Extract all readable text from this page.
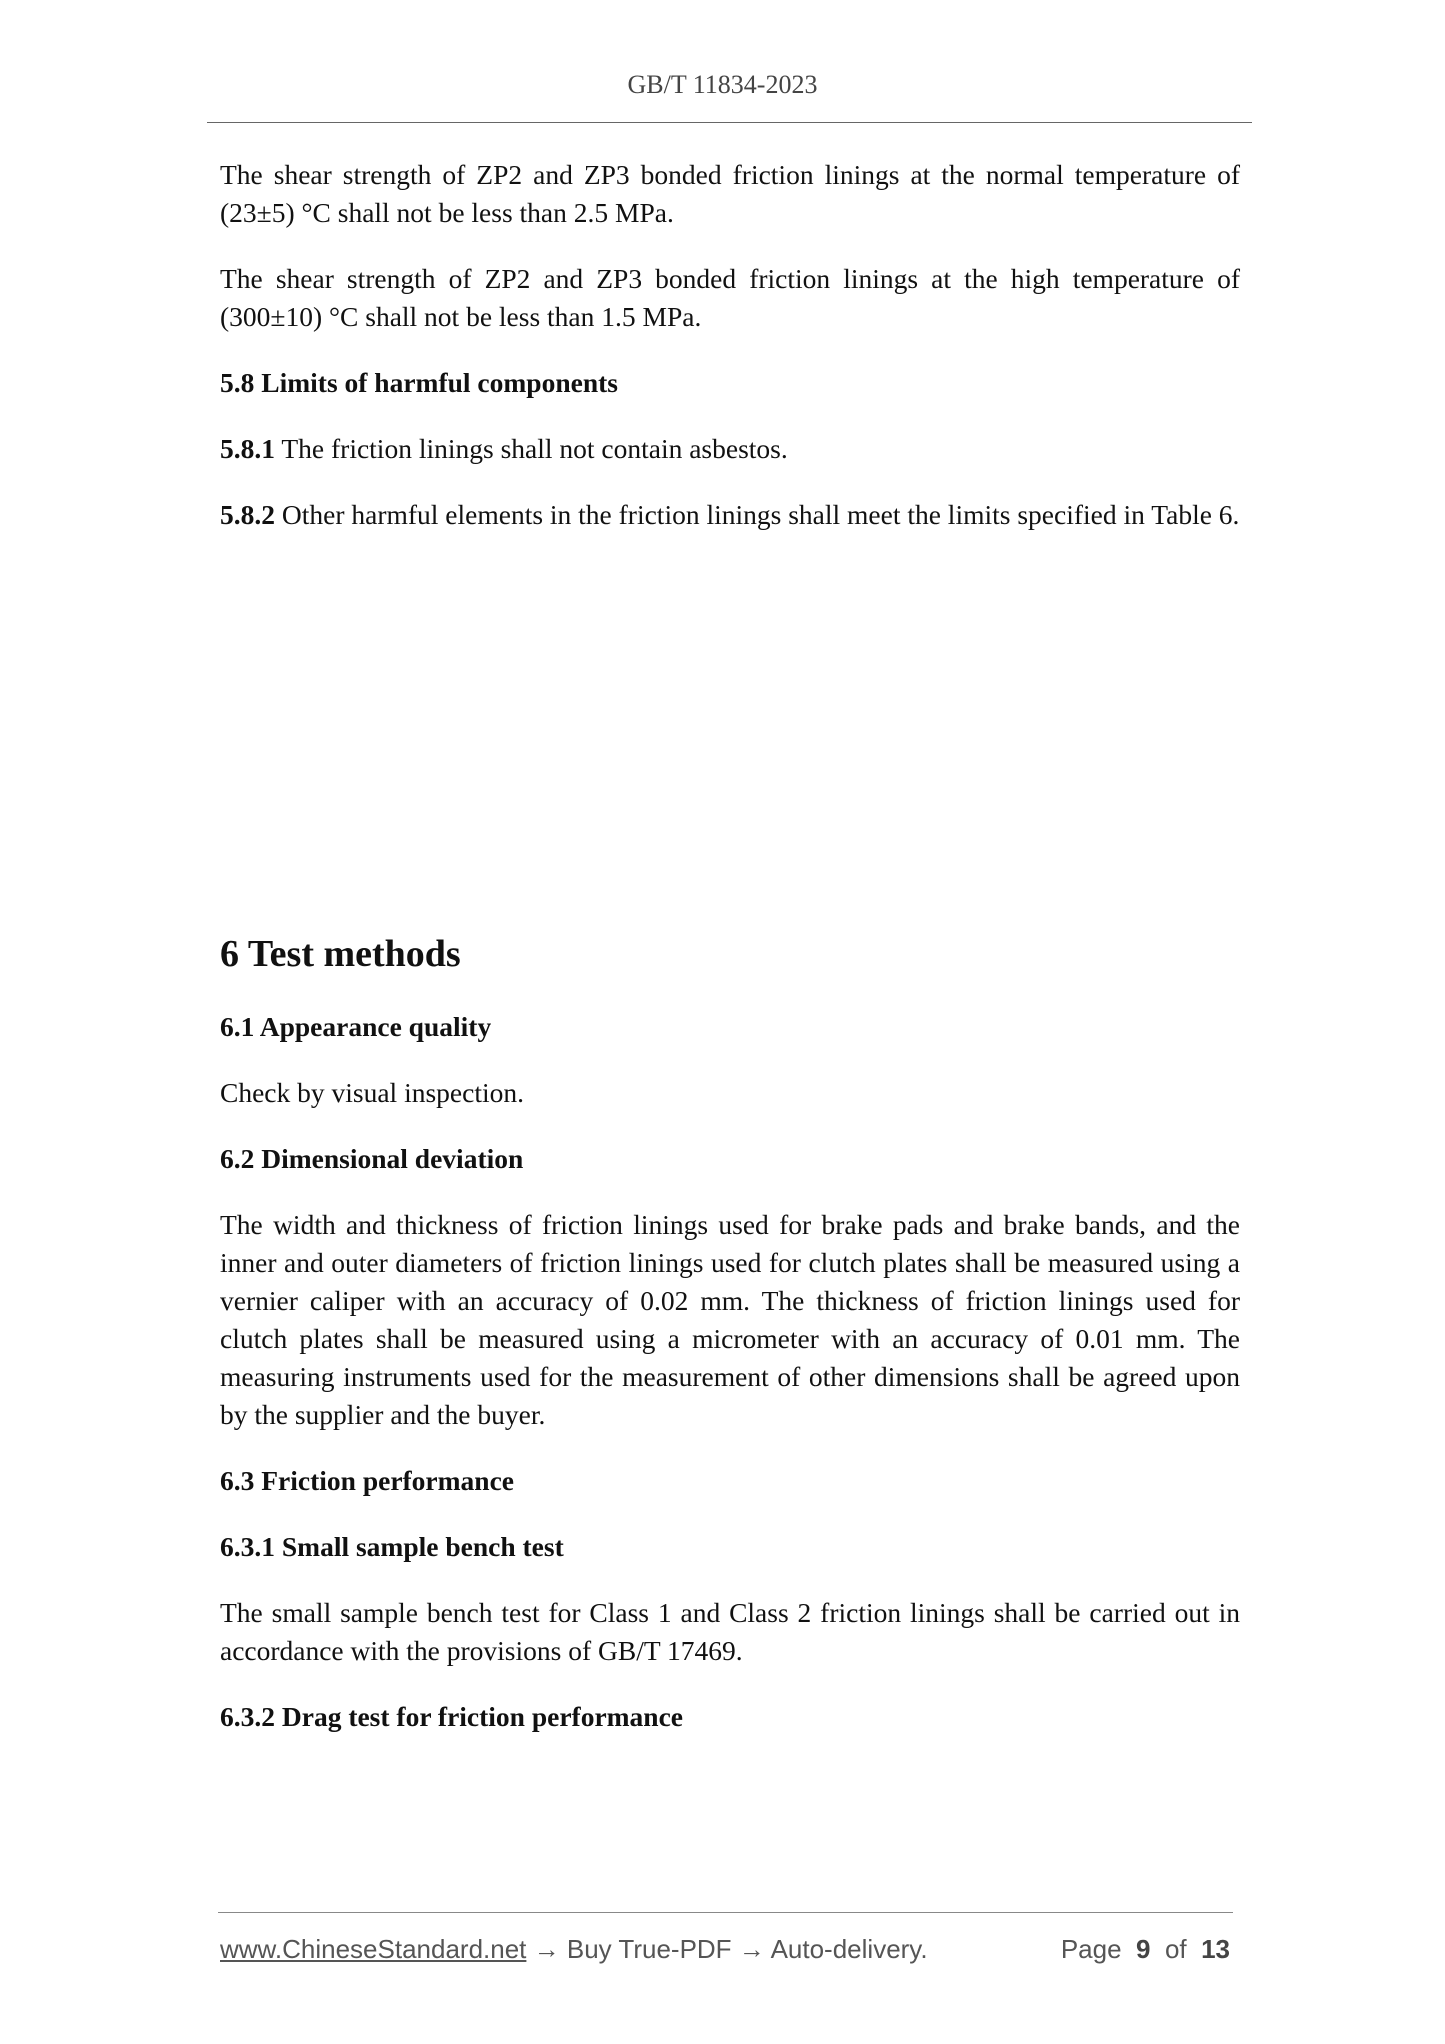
GB/T 11834-2023

The shear strength of ZP2 and ZP3 bonded friction linings at the normal temperature of (23±5) °C shall not be less than 2.5 MPa.

The shear strength of ZP2 and ZP3 bonded friction linings at the high temperature of (300±10) °C shall not be less than 1.5 MPa.

5.8 Limits of harmful components

5.8.1 The friction linings shall not contain asbestos.

5.8.2 Other harmful elements in the friction linings shall meet the limits specified in Table 6.

6 Test methods

6.1 Appearance quality

Check by visual inspection.

6.2 Dimensional deviation

The width and thickness of friction linings used for brake pads and brake bands, and the inner and outer diameters of friction linings used for clutch plates shall be measured using a vernier caliper with an accuracy of 0.02 mm. The thickness of friction linings used for clutch plates shall be measured using a micrometer with an accuracy of 0.01 mm. The measuring instruments used for the measurement of other dimensions shall be agreed upon by the supplier and the buyer.

6.3 Friction performance

6.3.1 Small sample bench test

The small sample bench test for Class 1 and Class 2 friction linings shall be carried out in accordance with the provisions of GB/T 17469.

6.3.2 Drag test for friction performance

www.ChineseStandard.net → Buy True-PDF → Auto-delivery.	Page 9 of 13
